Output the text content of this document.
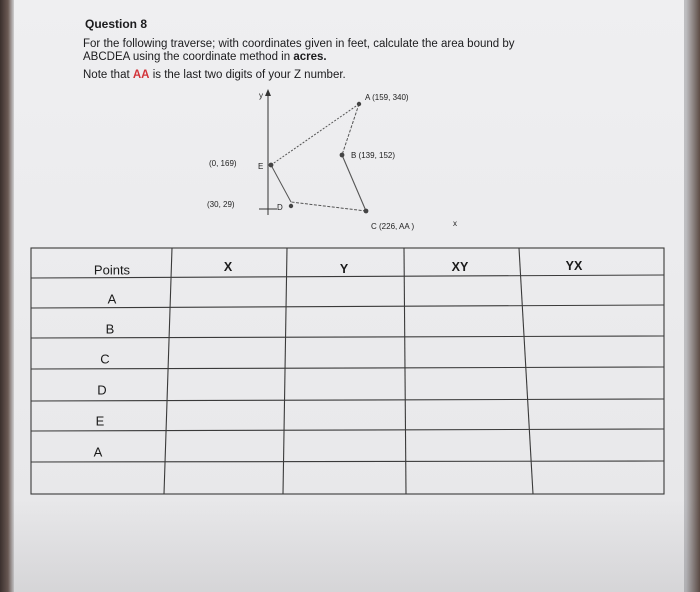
Question 8
For the following traverse; with coordinates given in feet, calculate the area bound by
ABCDEA using the coordinate method in acres.
Note that AA is the last two digits of your Z number.
y
x
A (159, 340)
B (139, 152)
C (226, AA )
D
(30, 29)
E
(0, 169)
Points	X	Y	XY	YX
A
B
C
D
E
A
